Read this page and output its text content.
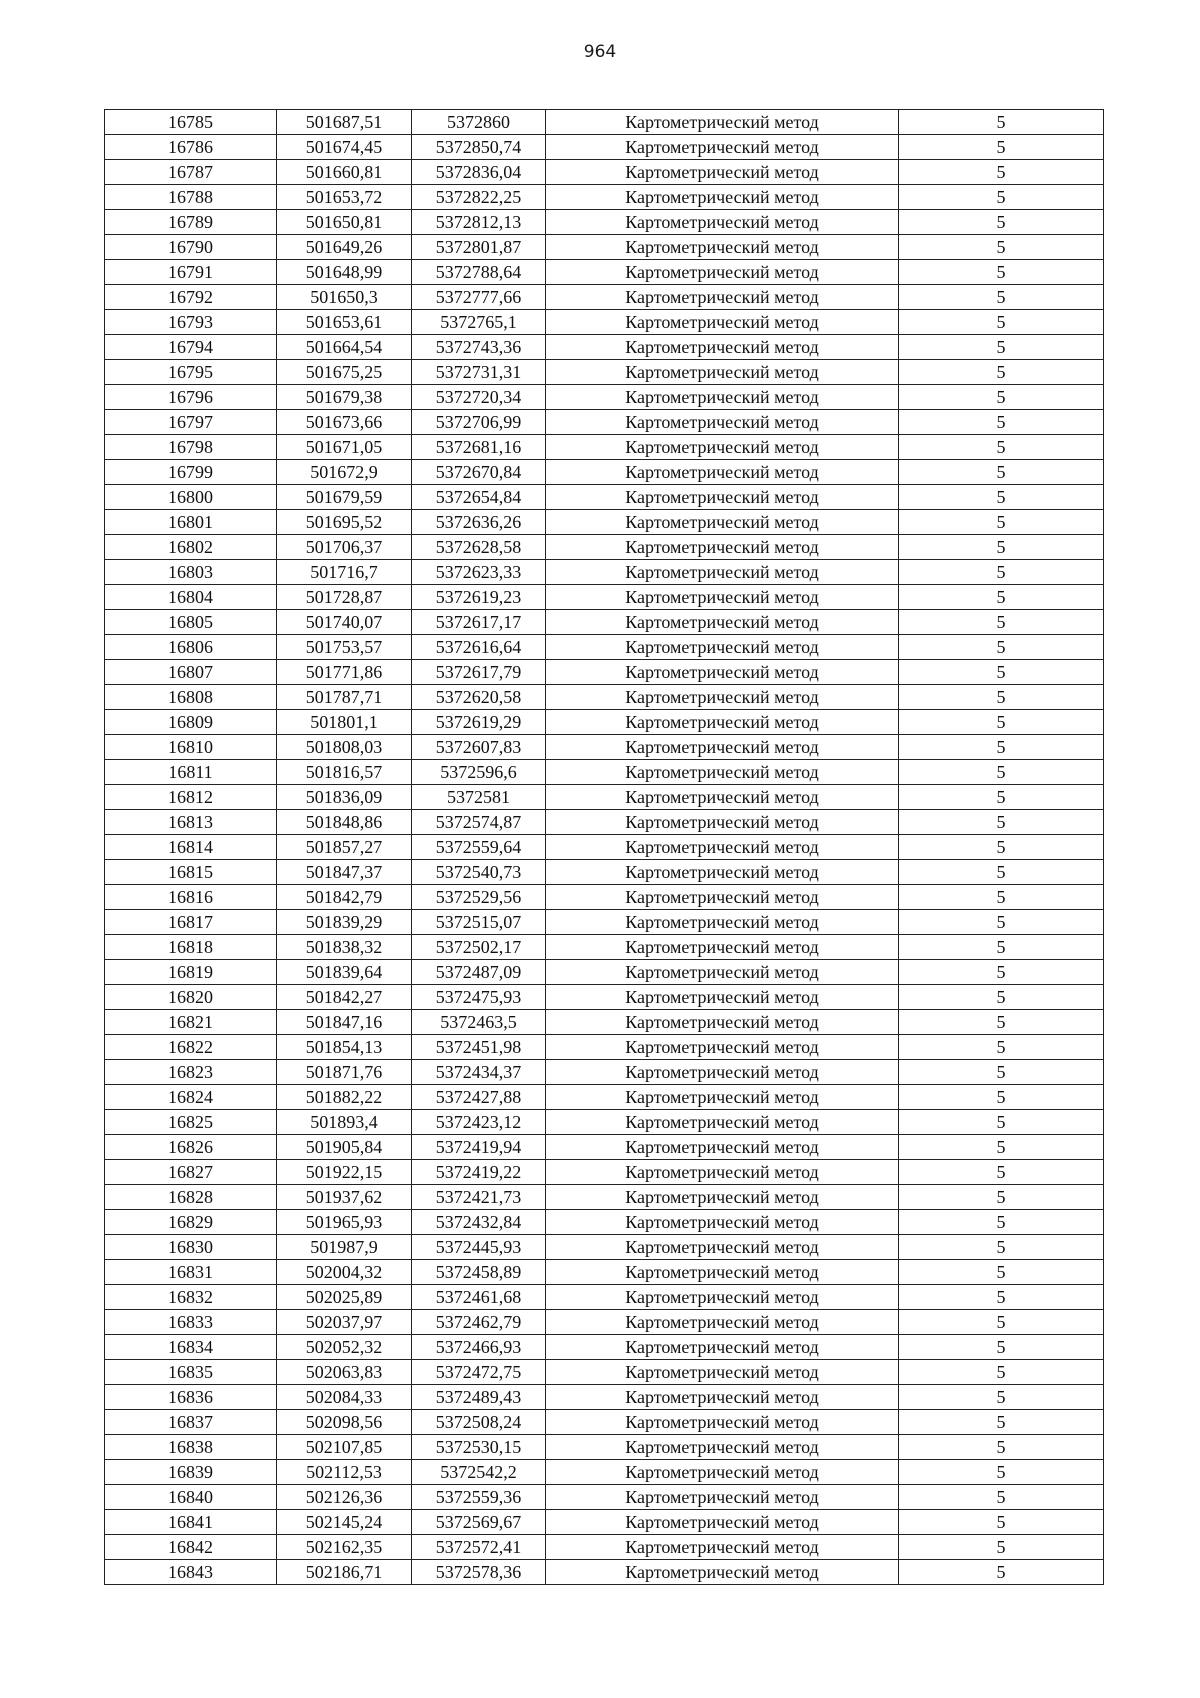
964
16785	501687,51	5372860	Картометрический метод	5
16786	501674,45	5372850,74	Картометрический метод	5
16787	501660,81	5372836,04	Картометрический метод	5
16788	501653,72	5372822,25	Картометрический метод	5
16789	501650,81	5372812,13	Картометрический метод	5
16790	501649,26	5372801,87	Картометрический метод	5
16791	501648,99	5372788,64	Картометрический метод	5
16792	501650,3	5372777,66	Картометрический метод	5
16793	501653,61	5372765,1	Картометрический метод	5
16794	501664,54	5372743,36	Картометрический метод	5
16795	501675,25	5372731,31	Картометрический метод	5
16796	501679,38	5372720,34	Картометрический метод	5
16797	501673,66	5372706,99	Картометрический метод	5
16798	501671,05	5372681,16	Картометрический метод	5
16799	501672,9	5372670,84	Картометрический метод	5
16800	501679,59	5372654,84	Картометрический метод	5
16801	501695,52	5372636,26	Картометрический метод	5
16802	501706,37	5372628,58	Картометрический метод	5
16803	501716,7	5372623,33	Картометрический метод	5
16804	501728,87	5372619,23	Картометрический метод	5
16805	501740,07	5372617,17	Картометрический метод	5
16806	501753,57	5372616,64	Картометрический метод	5
16807	501771,86	5372617,79	Картометрический метод	5
16808	501787,71	5372620,58	Картометрический метод	5
16809	501801,1	5372619,29	Картометрический метод	5
16810	501808,03	5372607,83	Картометрический метод	5
16811	501816,57	5372596,6	Картометрический метод	5
16812	501836,09	5372581	Картометрический метод	5
16813	501848,86	5372574,87	Картометрический метод	5
16814	501857,27	5372559,64	Картометрический метод	5
16815	501847,37	5372540,73	Картометрический метод	5
16816	501842,79	5372529,56	Картометрический метод	5
16817	501839,29	5372515,07	Картометрический метод	5
16818	501838,32	5372502,17	Картометрический метод	5
16819	501839,64	5372487,09	Картометрический метод	5
16820	501842,27	5372475,93	Картометрический метод	5
16821	501847,16	5372463,5	Картометрический метод	5
16822	501854,13	5372451,98	Картометрический метод	5
16823	501871,76	5372434,37	Картометрический метод	5
16824	501882,22	5372427,88	Картометрический метод	5
16825	501893,4	5372423,12	Картометрический метод	5
16826	501905,84	5372419,94	Картометрический метод	5
16827	501922,15	5372419,22	Картометрический метод	5
16828	501937,62	5372421,73	Картометрический метод	5
16829	501965,93	5372432,84	Картометрический метод	5
16830	501987,9	5372445,93	Картометрический метод	5
16831	502004,32	5372458,89	Картометрический метод	5
16832	502025,89	5372461,68	Картометрический метод	5
16833	502037,97	5372462,79	Картометрический метод	5
16834	502052,32	5372466,93	Картометрический метод	5
16835	502063,83	5372472,75	Картометрический метод	5
16836	502084,33	5372489,43	Картометрический метод	5
16837	502098,56	5372508,24	Картометрический метод	5
16838	502107,85	5372530,15	Картометрический метод	5
16839	502112,53	5372542,2	Картометрический метод	5
16840	502126,36	5372559,36	Картометрический метод	5
16841	502145,24	5372569,67	Картометрический метод	5
16842	502162,35	5372572,41	Картометрический метод	5
16843	502186,71	5372578,36	Картометрический метод	5
